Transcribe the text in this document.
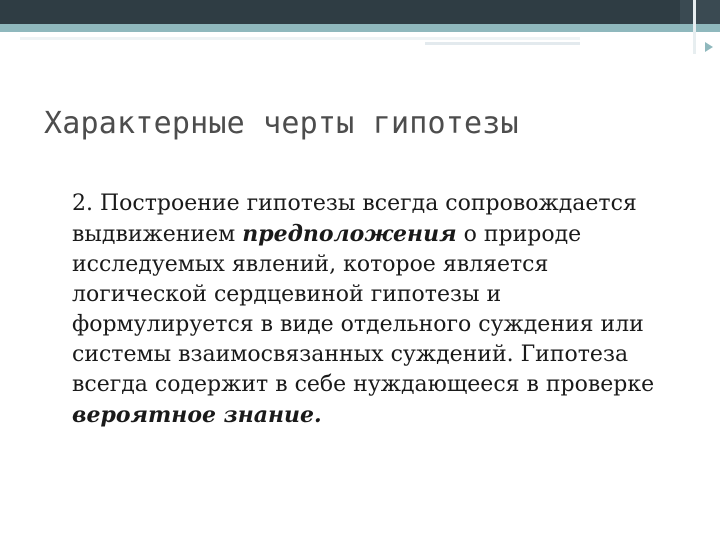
Характерные черты гипотезы

2. Построение гипотезы всегда сопровождается выдвижением предположения о природе исследуемых явлений, которое является логической сердцевиной гипотезы и формулируется в виде отдельного суждения или системы взаимосвязанных суждений. Гипотеза всегда содержит в себе нуждающееся в проверке вероятное знание.
